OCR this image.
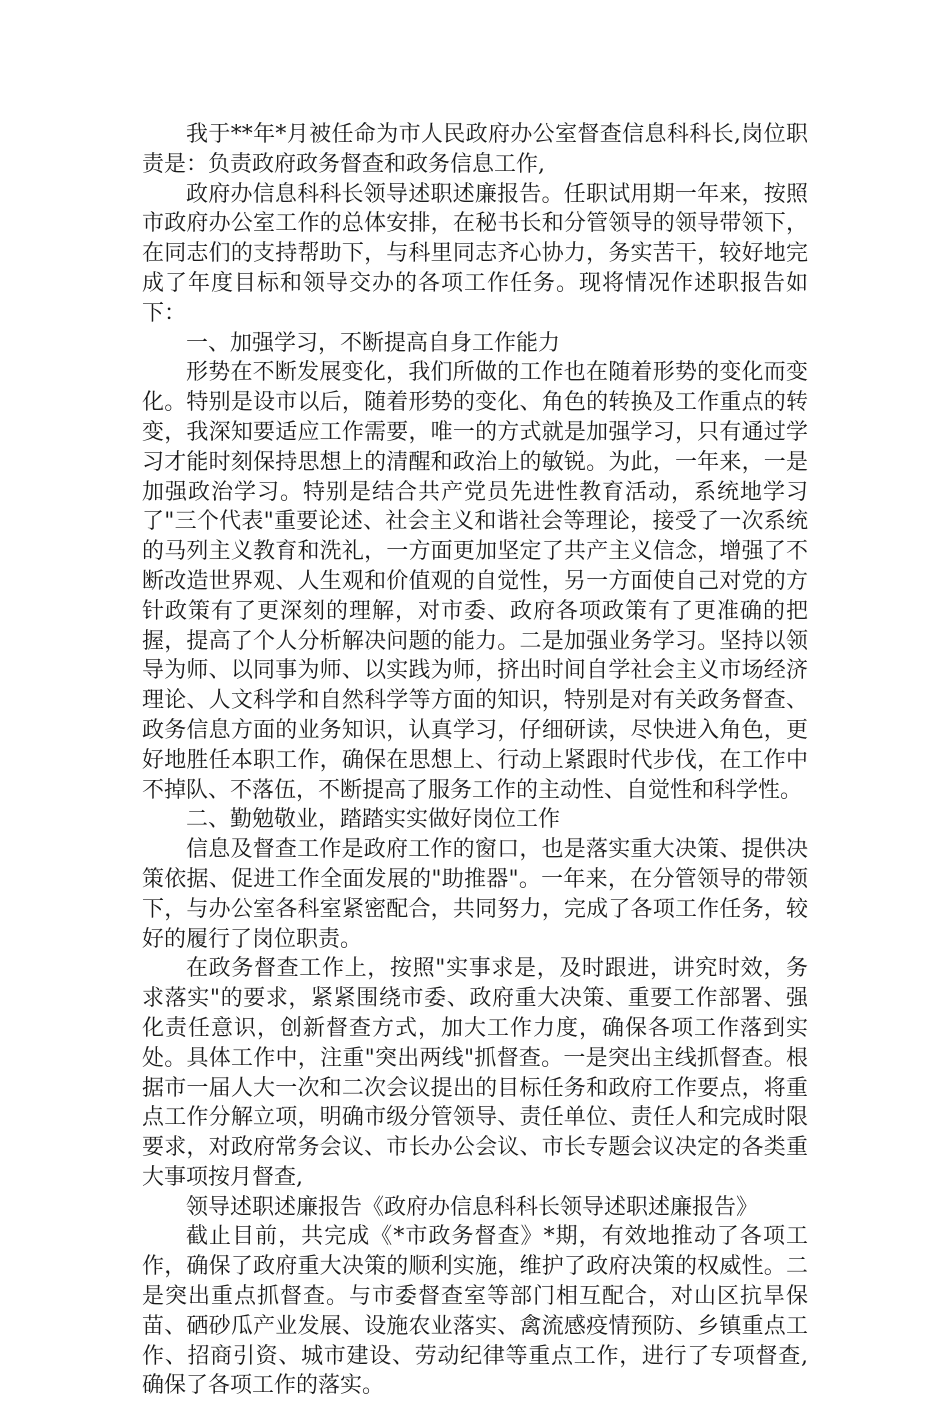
我于**年*月被任命为市人民政府办公室督查信息科科长,岗位职责是：负责政府政务督查和政务信息工作,

政府办信息科科长领导述职述廉报告。任职试用期一年来，按照市政府办公室工作的总体安排，在秘书长和分管领导的领导带领下，在同志们的支持帮助下，与科里同志齐心协力，务实苦干，较好地完成了年度目标和领导交办的各项工作任务。现将情况作述职报告如下：

一、加强学习，不断提高自身工作能力

形势在不断发展变化，我们所做的工作也在随着形势的变化而变化。特别是设市以后，随着形势的变化、角色的转换及工作重点的转变，我深知要适应工作需要，唯一的方式就是加强学习，只有通过学习才能时刻保持思想上的清醒和政治上的敏锐。为此，一年来，一是加强政治学习。特别是结合共产党员先进性教育活动，系统地学习了"三个代表"重要论述、社会主义和谐社会等理论，接受了一次系统的马列主义教育和洗礼，一方面更加坚定了共产主义信念，增强了不断改造世界观、人生观和价值观的自觉性，另一方面使自己对党的方针政策有了更深刻的理解，对市委、政府各项政策有了更准确的把握，提高了个人分析解决问题的能力。二是加强业务学习。坚持以领导为师、以同事为师、以实践为师，挤出时间自学社会主义市场经济理论、人文科学和自然科学等方面的知识，特别是对有关政务督查、政务信息方面的业务知识，认真学习，仔细研读，尽快进入角色，更好地胜任本职工作，确保在思想上、行动上紧跟时代步伐，在工作中不掉队、不落伍，不断提高了服务工作的主动性、自觉性和科学性。

二、勤勉敬业，踏踏实实做好岗位工作

信息及督查工作是政府工作的窗口，也是落实重大决策、提供决策依据、促进工作全面发展的"助推器"。一年来，在分管领导的带领下，与办公室各科室紧密配合，共同努力，完成了各项工作任务，较好的履行了岗位职责。

在政务督查工作上，按照"实事求是，及时跟进，讲究时效，务求落实"的要求，紧紧围绕市委、政府重大决策、重要工作部署、强化责任意识，创新督查方式，加大工作力度，确保各项工作落到实处。具体工作中，注重"突出两线"抓督查。一是突出主线抓督查。根据市一届人大一次和二次会议提出的目标任务和政府工作要点，将重点工作分解立项，明确市级分管领导、责任单位、责任人和完成时限要求，对政府常务会议、市长办公会议、市长专题会议决定的各类重大事项按月督查,

领导述职述廉报告《政府办信息科科长领导述职述廉报告》

截止目前，共完成《*市政务督查》*期，有效地推动了各项工作，确保了政府重大决策的顺利实施，维护了政府决策的权威性。二是突出重点抓督查。与市委督查室等部门相互配合，对山区抗旱保苗、硒砂瓜产业发展、设施农业落实、禽流感疫情预防、乡镇重点工作、招商引资、城市建设、劳动纪律等重点工作，进行了专项督查,确保了各项工作的落实。
